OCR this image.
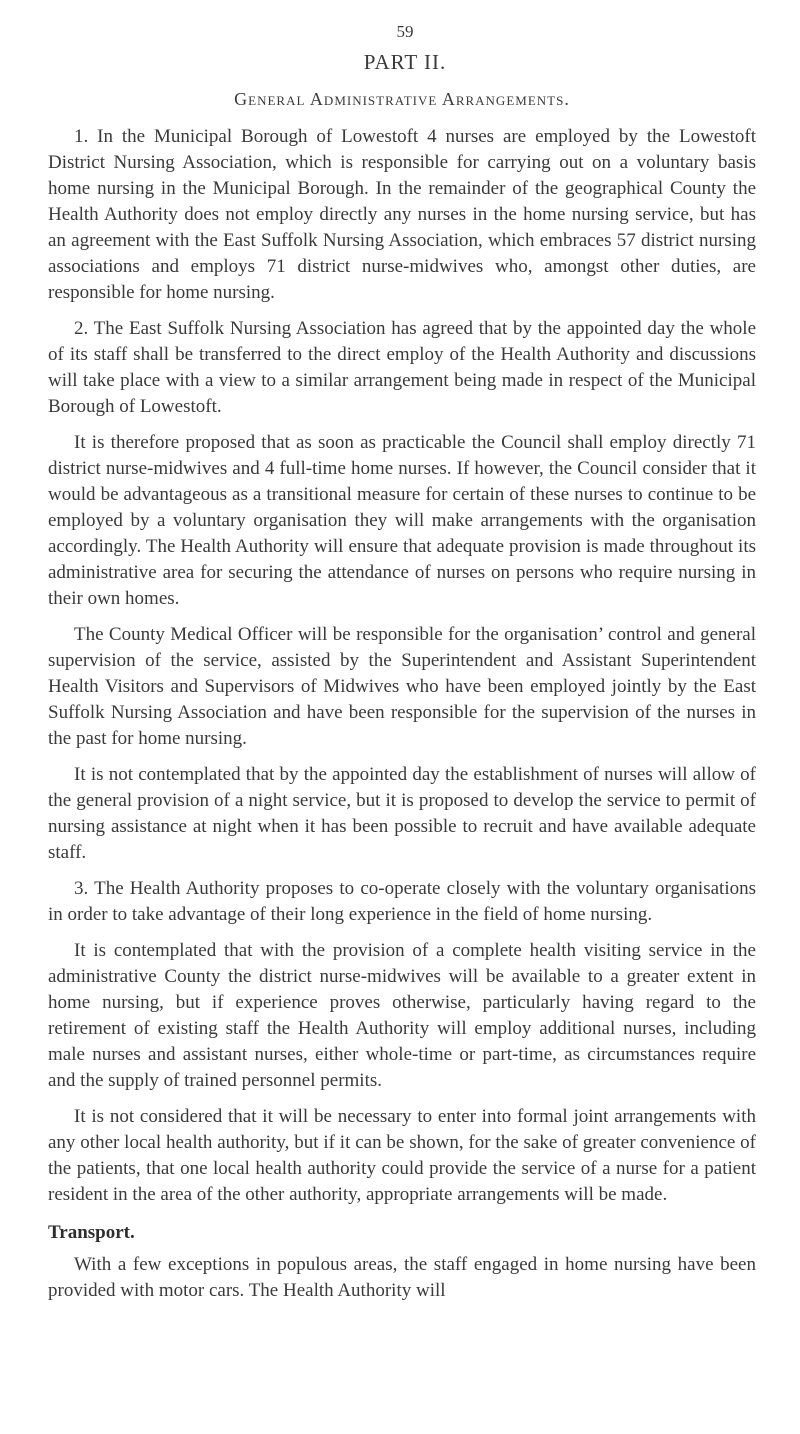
59
PART II.
General Administrative Arrangements.

1. In the Municipal Borough of Lowestoft 4 nurses are employed by the Lowestoft District Nursing Association, which is responsible for carrying out on a voluntary basis home nursing in the Municipal Borough. In the remainder of the geographical County the Health Authority does not employ directly any nurses in the home nursing service, but has an agreement with the East Suffolk Nursing Association, which embraces 57 district nursing associations and employs 71 district nurse-midwives who, amongst other duties, are responsible for home nursing.

2. The East Suffolk Nursing Association has agreed that by the appointed day the whole of its staff shall be transferred to the direct employ of the Health Authority and discussions will take place with a view to a similar arrangement being made in respect of the Municipal Borough of Lowestoft.

It is therefore proposed that as soon as practicable the Council shall employ directly 71 district nurse-midwives and 4 full-time home nurses. If however, the Council consider that it would be advantageous as a transitional measure for certain of these nurses to continue to be employed by a voluntary organisation they will make arrangements with the organisation accordingly. The Health Authority will ensure that adequate provision is made throughout its administrative area for securing the attendance of nurses on persons who require nursing in their own homes.

The County Medical Officer will be responsible for the organisation’ control and general supervision of the service, assisted by the Superintendent and Assistant Superintendent Health Visitors and Supervisors of Midwives who have been employed jointly by the East Suffolk Nursing Association and have been responsible for the supervision of the nurses in the past for home nursing.

It is not contemplated that by the appointed day the establishment of nurses will allow of the general provision of a night service, but it is proposed to develop the service to permit of nursing assistance at night when it has been possible to recruit and have available adequate staff.

3. The Health Authority proposes to co-operate closely with the voluntary organisations in order to take advantage of their long experience in the field of home nursing.

It is contemplated that with the provision of a complete health visiting service in the administrative County the district nurse-midwives will be available to a greater extent in home nursing, but if experience proves otherwise, particularly having regard to the retirement of existing staff the Health Authority will employ additional nurses, including male nurses and assistant nurses, either whole-time or part-time, as circumstances require and the supply of trained personnel permits.

It is not considered that it will be necessary to enter into formal joint arrangements with any other local health authority, but if it can be shown, for the sake of greater convenience of the patients, that one local health authority could provide the service of a nurse for a patient resident in the area of the other authority, appropriate arrangements will be made.

Transport.

With a few exceptions in populous areas, the staff engaged in home nursing have been provided with motor cars. The Health Authority will
